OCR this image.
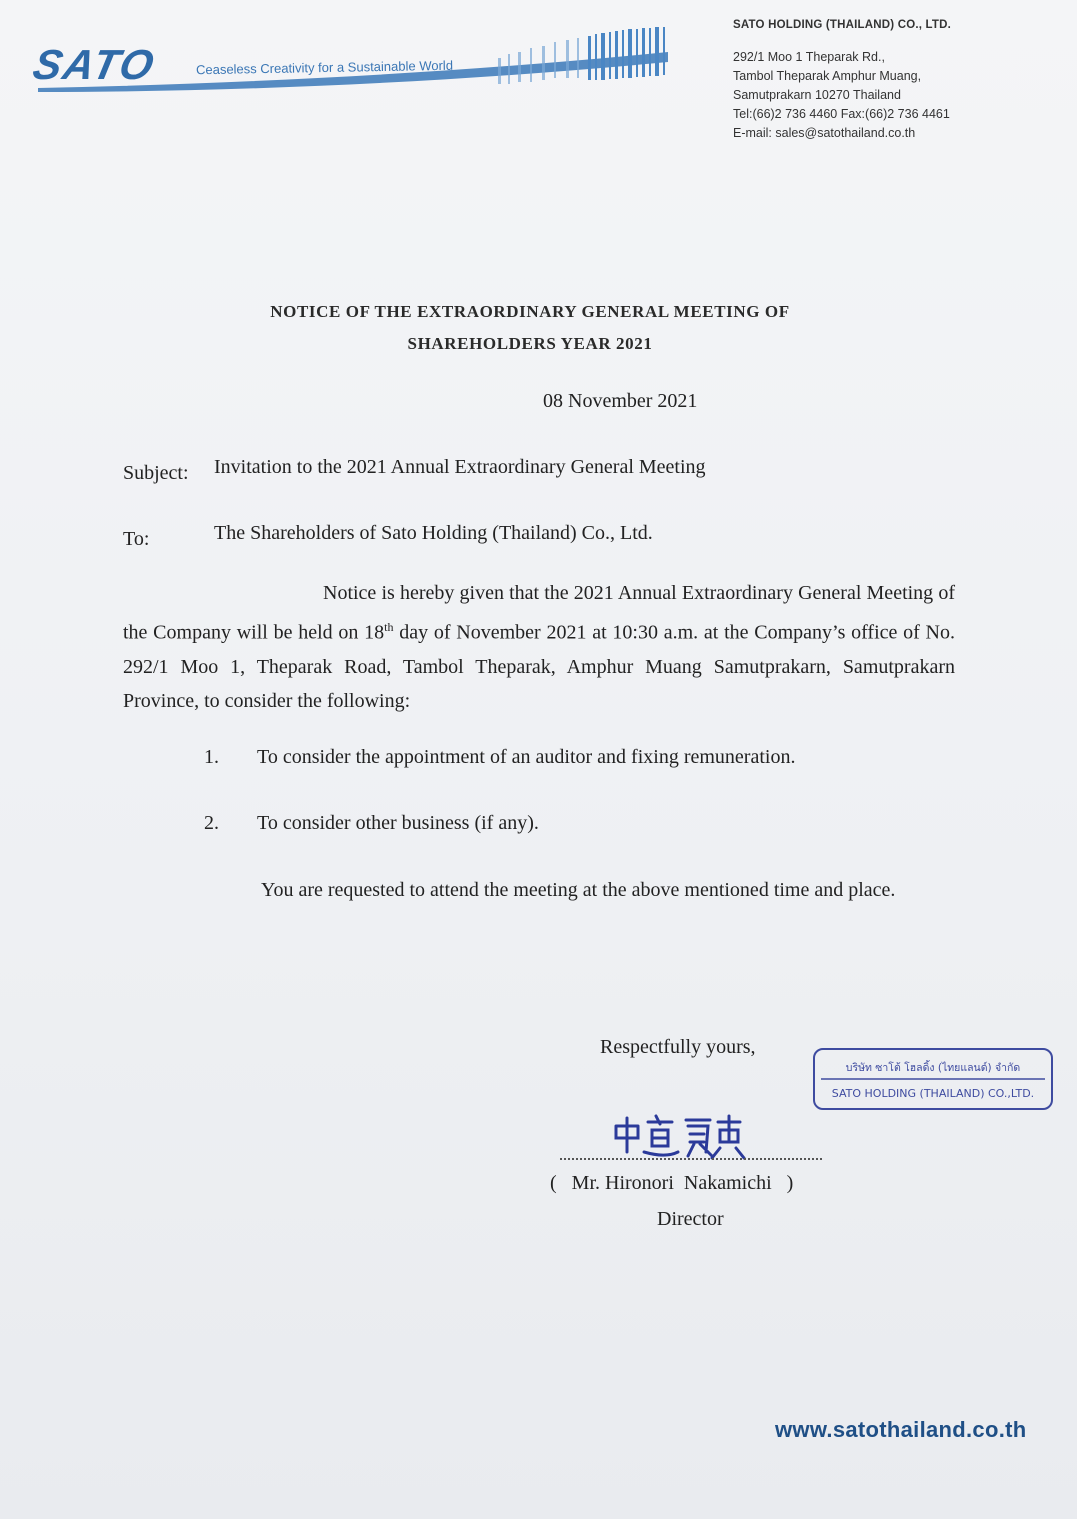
SATO	Ceaseless Creativity for a Sustainable World
SATO HOLDING (THAILAND) CO., LTD.
292/1 Moo 1 Theparak Rd.,
Tambol Theparak Amphur Muang,
Samutprakarn 10270 Thailand
Tel:(66)2 736 4460 Fax:(66)2 736 4461
E-mail: sales@satothailand.co.th
NOTICE OF THE EXTRAORDINARY GENERAL MEETING OF
SHAREHOLDERS YEAR 2021
08 November 2021
Subject: Invitation to the 2021 Annual Extraordinary General Meeting
To:	The Shareholders of Sato Holding (Thailand) Co., Ltd.
Notice is hereby given that the 2021 Annual Extraordinary General Meeting of the Company will be held on 18th day of November 2021 at 10:30 a.m. at the Company’s office of No. 292/1 Moo 1, Theparak Road, Tambol Theparak, Amphur Muang Samutprakarn, Samutprakarn Province, to consider the following:
1. To consider the appointment of an auditor and fixing remuneration.
2. To consider other business (if any).
You are requested to attend the meeting at the above mentioned time and place.
Respectfully yours,
บริษัท ซาโต้ โฮลดิ้ง (ไทยแลนด์) จำกัด
SATO HOLDING (THAILAND) CO.,LTD.
(   Mr. Hironori  Nakamichi   )
Director
www.satothailand.co.th
